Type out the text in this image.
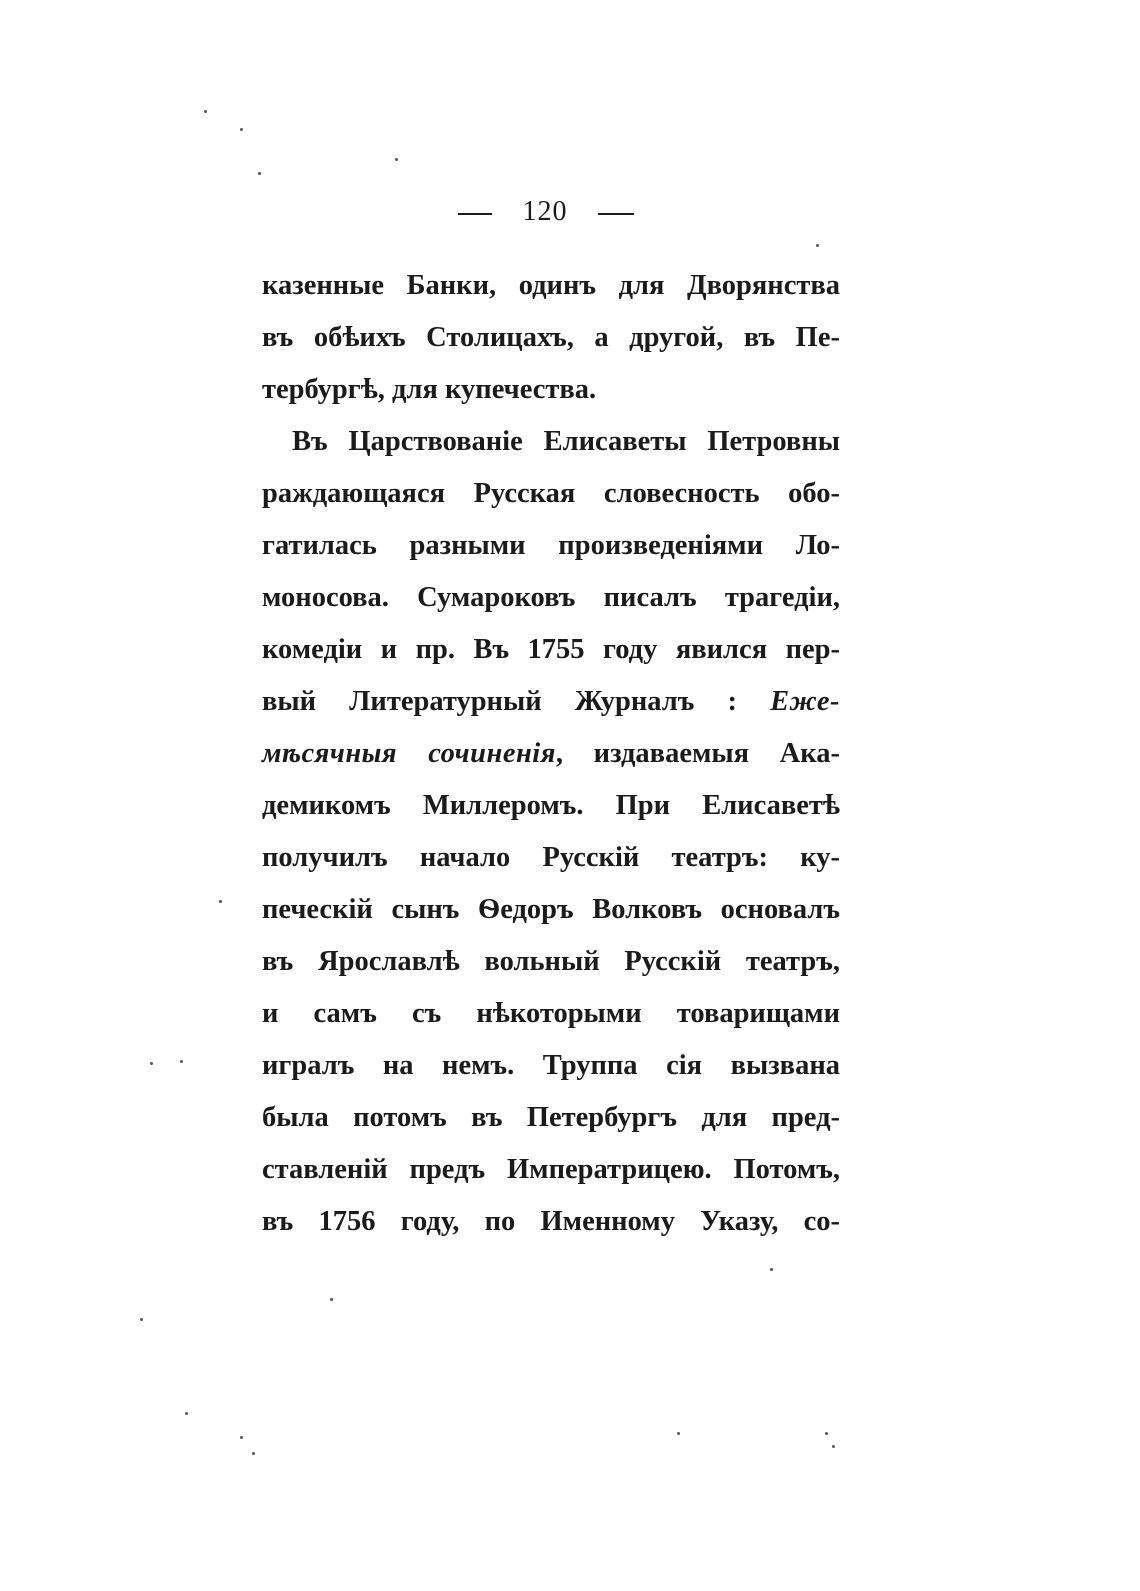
120
казенные Банки, одинъ для Дворянства
въ обѣихъ Столицахъ, а другой, въ Пе-
тербургѣ, для купечества.
Въ Царствованіе Елисаветы Петровны
раждающаяся Русская словесность обо-
гатилась разными произведеніями Ло-
моносова. Сумароковъ писалъ трагедіи,
комедіи и пр. Въ 1755 году явился пер-
вый Литературный Журналъ : Еже-
мѣсячныя сочиненія, издаваемыя Ака-
демикомъ Миллеромъ. При Елисаветѣ
получилъ начало Русскій театръ: ку-
печескій сынъ Ѳедоръ Волковъ основалъ
въ Ярославлѣ вольный Русскій театръ,
и самъ съ нѣкоторыми товарищами
игралъ на немъ. Труппа сія вызвана
была потомъ въ Петербургъ для пред-
ставленій предъ Императрицею. Потомъ,
въ 1756 году, по Именному Указу, со-
